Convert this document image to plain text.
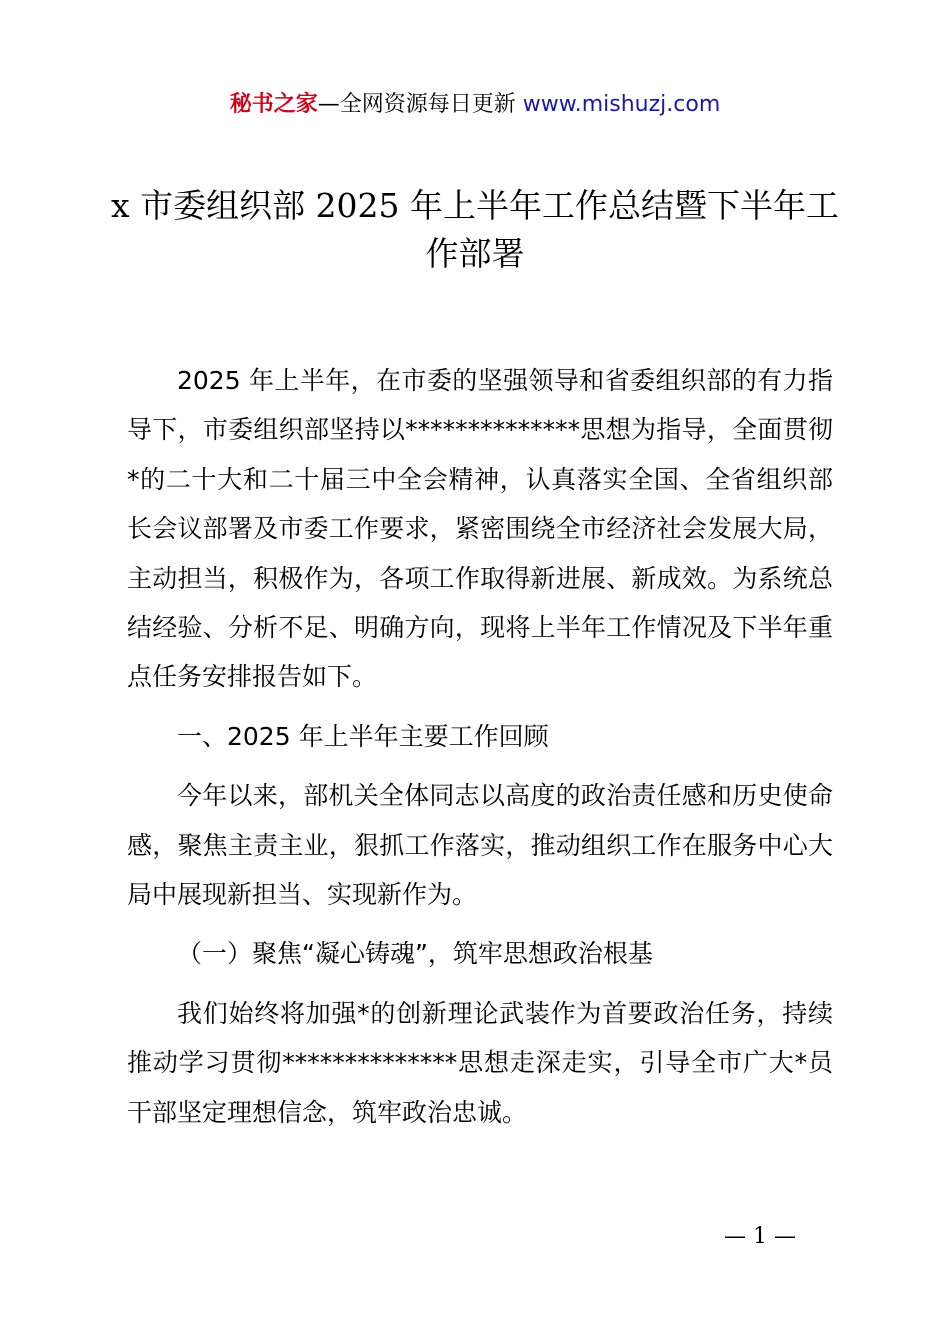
秘书之家—全网资源每日更新 www.mishuzj.com
x 市委组织部 2025 年上半年工作总结暨下半年工作部署

2025 年上半年，在市委的坚强领导和省委组织部的有力指导下，市委组织部坚持以**************思想为指导，全面贯彻*的二十大和二十届三中全会精神，认真落实全国、全省组织部长会议部署及市委工作要求，紧密围绕全市经济社会发展大局，主动担当，积极作为，各项工作取得新进展、新成效。为系统总结经验、分析不足、明确方向，现将上半年工作情况及下半年重点任务安排报告如下。

一、2025 年上半年主要工作回顾

今年以来，部机关全体同志以高度的政治责任感和历史使命感，聚焦主责主业，狠抓工作落实，推动组织工作在服务中心大局中展现新担当、实现新作为。

（一）聚焦“凝心铸魂”，筑牢思想政治根基

我们始终将加强*的创新理论武装作为首要政治任务，持续推动学习贯彻**************思想走深走实，引导全市广大*员干部坚定理想信念，筑牢政治忠诚。

— 1 —
